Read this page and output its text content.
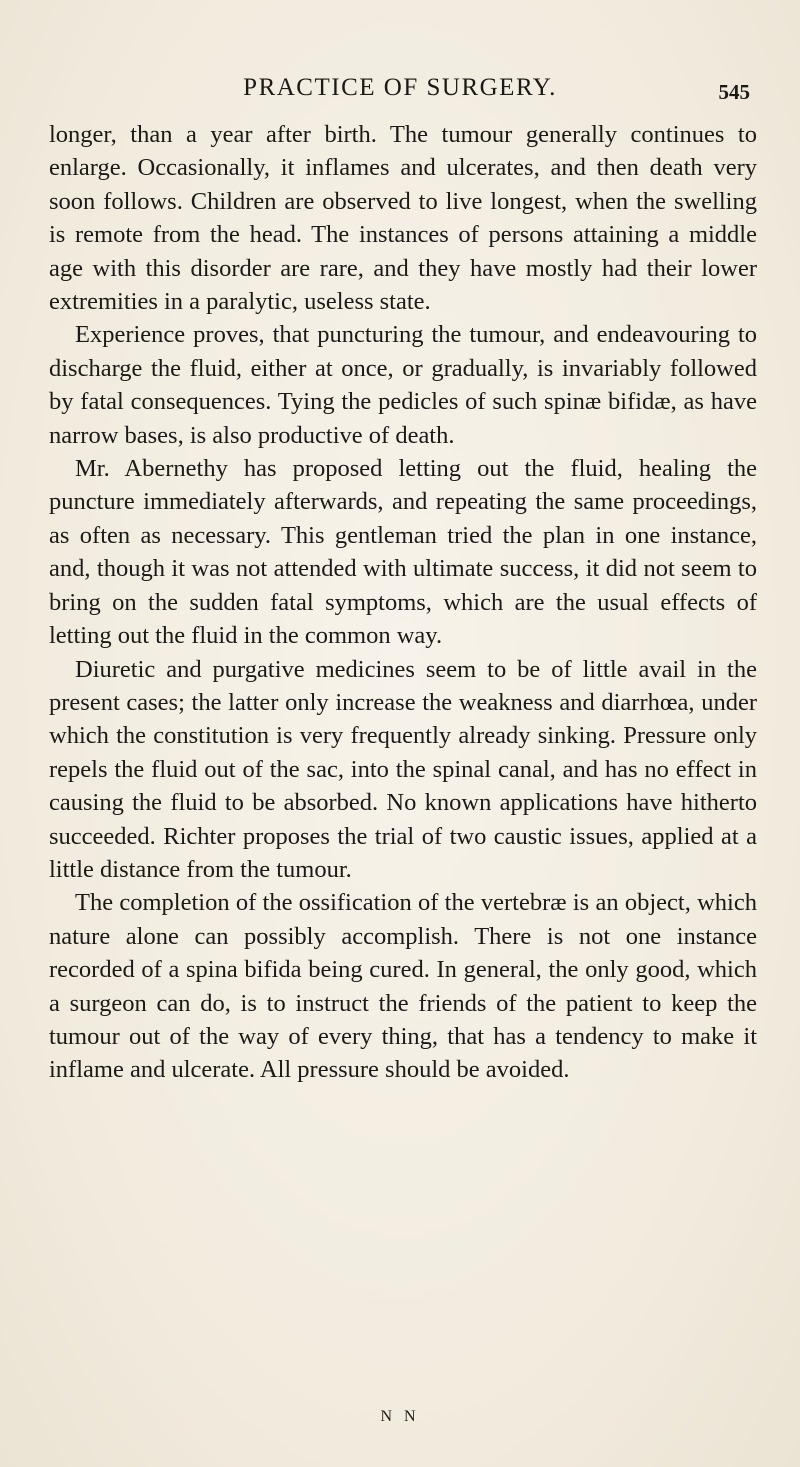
PRACTICE OF SURGERY.	545

longer, than a year after birth. The tumour generally continues to enlarge. Occasionally, it inflames and ulcerates, and then death very soon follows. Children are observed to live longest, when the swelling is remote from the head. The instances of persons attaining a middle age with this disorder are rare, and they have mostly had their lower extremities in a paralytic, useless state.

Experience proves, that puncturing the tumour, and endeavouring to discharge the fluid, either at once, or gradually, is invariably followed by fatal consequences. Tying the pedicles of such spinæ bifidæ, as have narrow bases, is also productive of death.

Mr. Abernethy has proposed letting out the fluid, healing the puncture immediately afterwards, and repeating the same proceedings, as often as necessary. This gentleman tried the plan in one instance, and, though it was not attended with ultimate success, it did not seem to bring on the sudden fatal symptoms, which are the usual effects of letting out the fluid in the common way.

Diuretic and purgative medicines seem to be of little avail in the present cases; the latter only increase the weakness and diarrhœa, under which the constitution is very frequently already sinking. Pressure only repels the fluid out of the sac, into the spinal canal, and has no effect in causing the fluid to be absorbed. No known applications have hitherto succeeded. Richter proposes the trial of two caustic issues, applied at a little distance from the tumour.

The completion of the ossification of the vertebræ is an object, which nature alone can possibly accomplish. There is not one instance recorded of a spina bifida being cured. In general, the only good, which a surgeon can do, is to instruct the friends of the patient to keep the tumour out of the way of every thing, that has a tendency to make it inflame and ulcerate. All pressure should be avoided.

N N
